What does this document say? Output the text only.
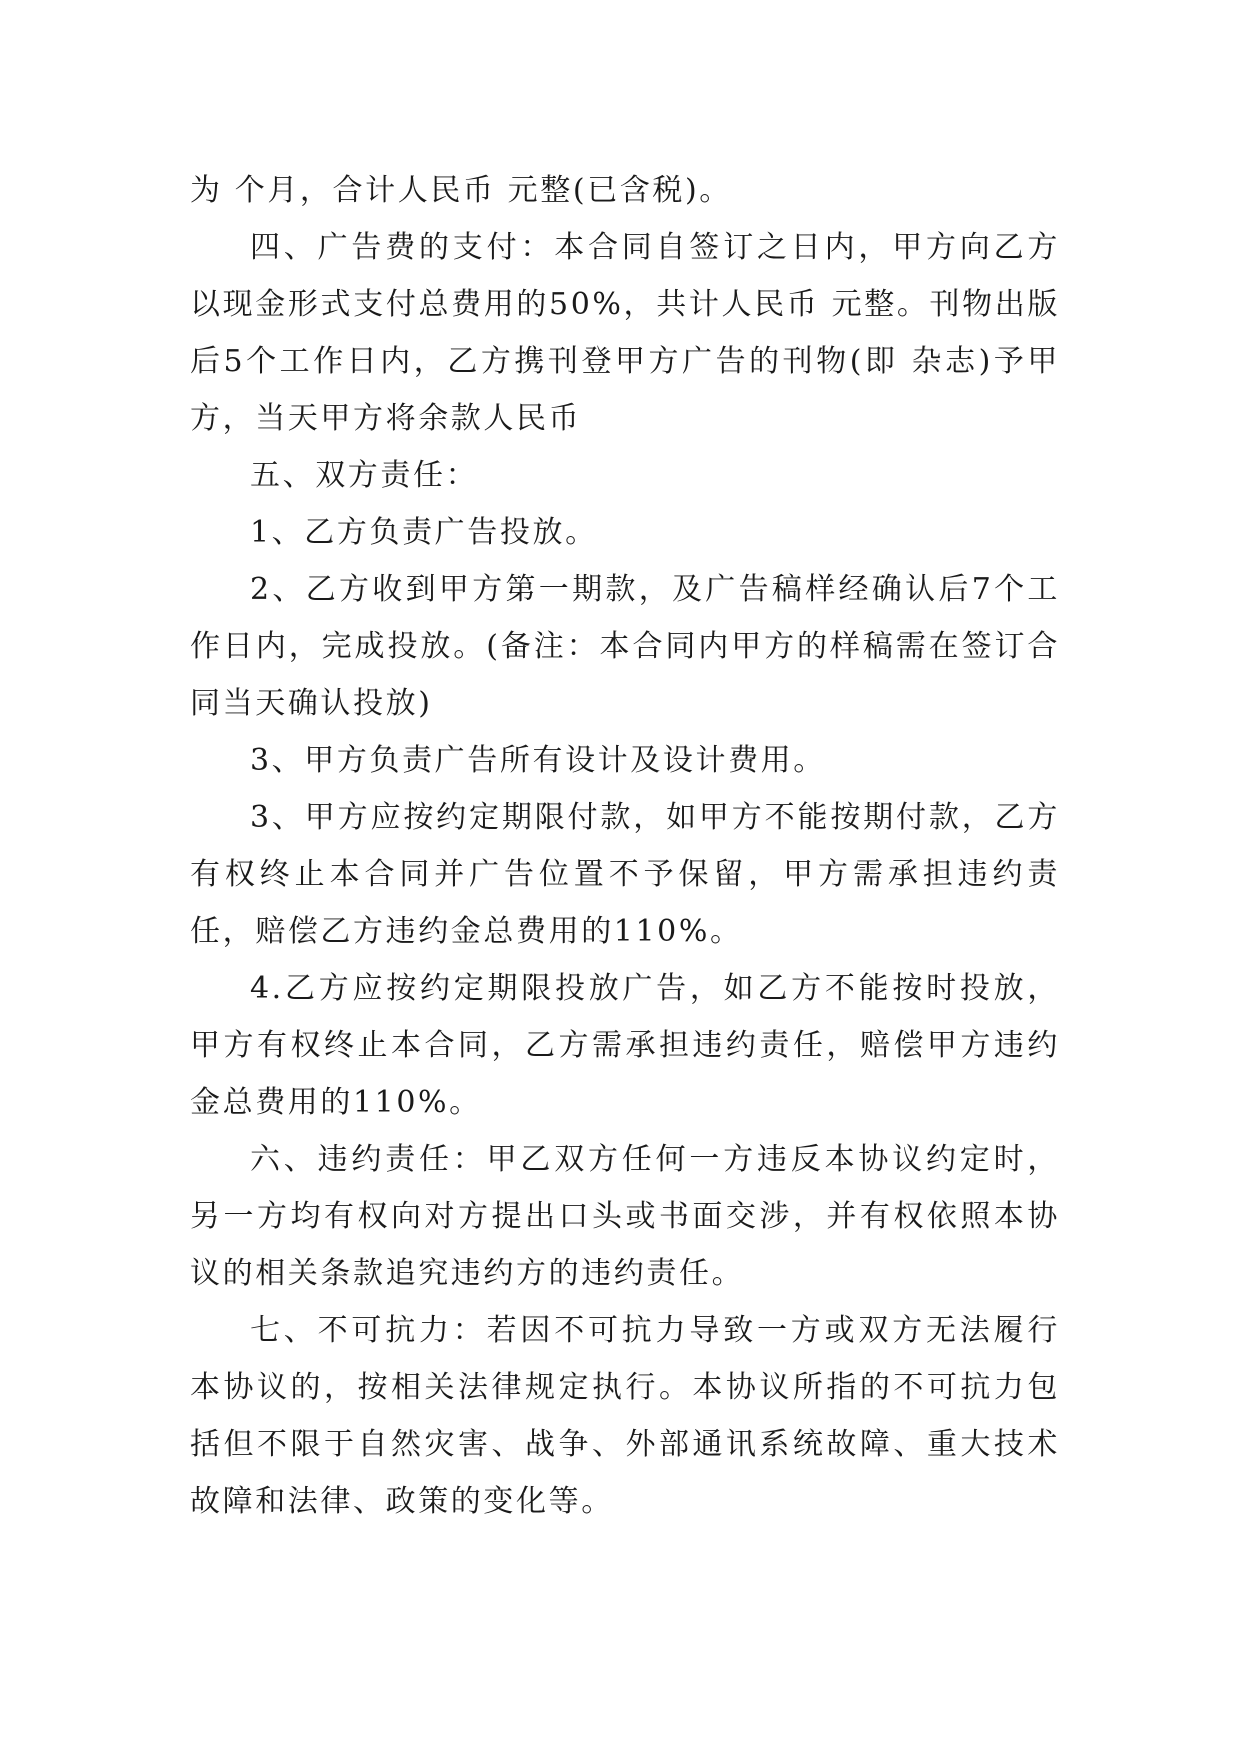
为 个月，合计人民币 元整(已含税)。

四、广告费的支付：本合同自签订之日内，甲方向乙方以现金形式支付总费用的50%，共计人民币 元整。刊物出版后5个工作日内，乙方携刊登甲方广告的刊物(即 杂志)予甲方，当天甲方将余款人民币

五、双方责任：

1、乙方负责广告投放。

2、乙方收到甲方第一期款，及广告稿样经确认后7个工作日内，完成投放。(备注：本合同内甲方的样稿需在签订合同当天确认投放)

3、甲方负责广告所有设计及设计费用。

3、甲方应按约定期限付款，如甲方不能按期付款，乙方有权终止本合同并广告位置不予保留，甲方需承担违约责任，赔偿乙方违约金总费用的110%。

4.乙方应按约定期限投放广告，如乙方不能按时投放，甲方有权终止本合同，乙方需承担违约责任，赔偿甲方违约金总费用的110%。

六、违约责任：甲乙双方任何一方违反本协议约定时，另一方均有权向对方提出口头或书面交涉，并有权依照本协议的相关条款追究违约方的违约责任。

七、不可抗力：若因不可抗力导致一方或双方无法履行本协议的，按相关法律规定执行。本协议所指的不可抗力包括但不限于自然灾害、战争、外部通讯系统故障、重大技术故障和法律、政策的变化等。
